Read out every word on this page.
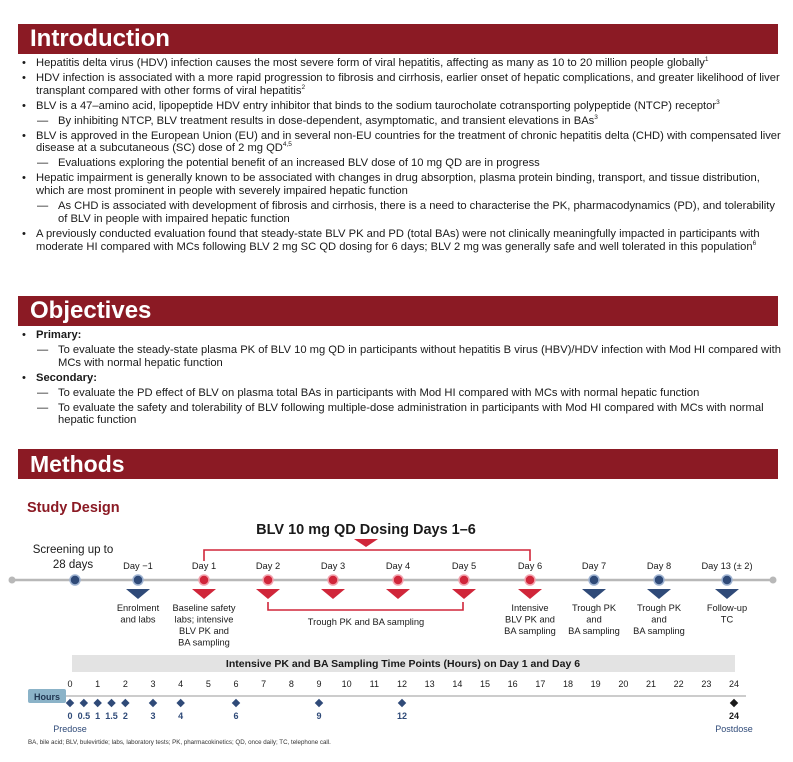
Introduction
• Hepatitis delta virus (HDV) infection causes the most severe form of viral hepatitis, affecting as many as 10 to 20 million people globally$^1$
• HDV infection is associated with a more rapid progression to fibrosis and cirrhosis, earlier onset of hepatic complications, and greater likelihood of liver transplant compared with other forms of viral hepatitis$^2$
• BLV is a 47–amino acid, lipopeptide HDV entry inhibitor that binds to the sodium taurocholate cotransporting polypeptide (NTCP) receptor$^3$
— By inhibiting NTCP, BLV treatment results in dose-dependent, asymptomatic, and transient elevations in BAs$^3$
• BLV is approved in the European Union (EU) and in several non-EU countries for the treatment of chronic hepatitis delta (CHD) with compensated liver disease at a subcutaneous (SC) dose of 2 mg QD$^{4,5}$
— Evaluations exploring the potential benefit of an increased BLV dose of 10 mg QD are in progress
• Hepatic impairment is generally known to be associated with changes in drug absorption, plasma protein binding, transport, and tissue distribution, which are most prominent in people with severely impaired hepatic function
— As CHD is associated with development of fibrosis and cirrhosis, there is a need to characterise the PK, pharmacodynamics (PD), and tolerability of BLV in people with impaired hepatic function
• A previously conducted evaluation found that steady-state BLV PK and PD (total BAs) were not clinically meaningfully impacted in participants with moderate HI compared with MCs following BLV 2 mg SC QD dosing for 6 days; BLV 2 mg was generally safe and well tolerated in this population$^6$
Objectives
• Primary:
— To evaluate the steady-state plasma PK of BLV 10 mg QD in participants without hepatitis B virus (HBV)/HDV infection with Mod HI compared with MCs with normal hepatic function
• Secondary:
— To evaluate the PD effect of BLV on plasma total BAs in participants with Mod HI compared with MCs with normal hepatic function
— To evaluate the safety and tolerability of BLV following multiple-dose administration in participants with Mod HI compared with MCs with normal hepatic function
Methods
Study Design
BLV 10 mg QD Dosing Days 1–6
Screening up to
28 days	Day −1
Enrolment
and labs
Day 1
Baseline safety
labs; intensive
BLV PK and
BA sampling
Day 2	Day 3	Day 4	Day 5	Day 6
Intensive
BLV PK and
BA sampling
Day 7
Trough PK
and
BA sampling
Day 8
Trough PK
and
BA sampling
Day 13 (± 2)
Follow-up
TC
Trough PK and BA sampling
Intensive PK and BA Sampling Time Points (Hours) on Day 1 and Day 6
Hours
0	1	2	3	4	5	6	7	8	9 10 11 12 13 14 15 16 17 18 19 20 21 22 23 24
0 0.5 1 1.5 2	3	4	6	9	12	24
Predose	Postdose
BA, bile acid; BLV, bulevirtide; labs, laboratory tests; PK, pharmacokinetics; QD, once daily; TC, telephone call.
